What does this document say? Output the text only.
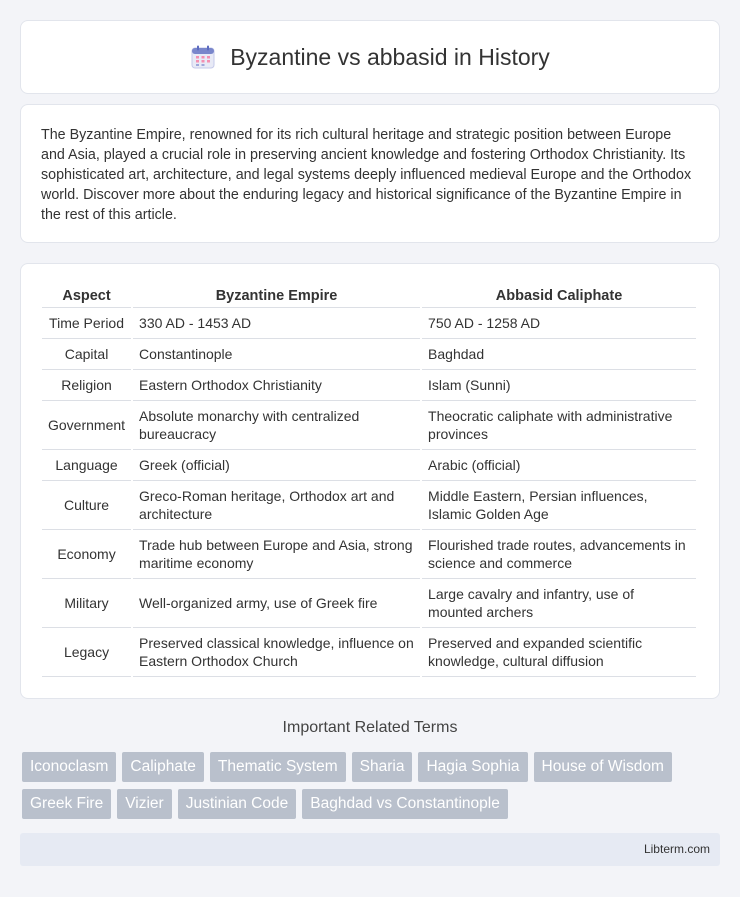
Byzantine vs abbasid in History

The Byzantine Empire, renowned for its rich cultural heritage and strategic position between Europe and Asia, played a crucial role in preserving ancient knowledge and fostering Orthodox Christianity. Its sophisticated art, architecture, and legal systems deeply influenced medieval Europe and the Orthodox world. Discover more about the enduring legacy and historical significance of the Byzantine Empire in the rest of this article.

Aspect	Byzantine Empire	Abbasid Caliphate
Time Period	330 AD - 1453 AD	750 AD - 1258 AD
Capital	Constantinople	Baghdad
Religion	Eastern Orthodox Christianity	Islam (Sunni)
Government	Absolute monarchy with centralized bureaucracy	Theocratic caliphate with administrative provinces
Language	Greek (official)	Arabic (official)
Culture	Greco-Roman heritage, Orthodox art and architecture	Middle Eastern, Persian influences, Islamic Golden Age
Economy	Trade hub between Europe and Asia, strong maritime economy	Flourished trade routes, advancements in science and commerce
Military	Well-organized army, use of Greek fire	Large cavalry and infantry, use of mounted archers
Legacy	Preserved classical knowledge, influence on Eastern Orthodox Church	Preserved and expanded scientific knowledge, cultural diffusion
Important Related Terms
Iconoclasm	Caliphate	Thematic System	Sharia	Hagia Sophia	House of Wisdom
Greek Fire	Vizier	Justinian Code	Baghdad vs Constantinople
Libterm.com
